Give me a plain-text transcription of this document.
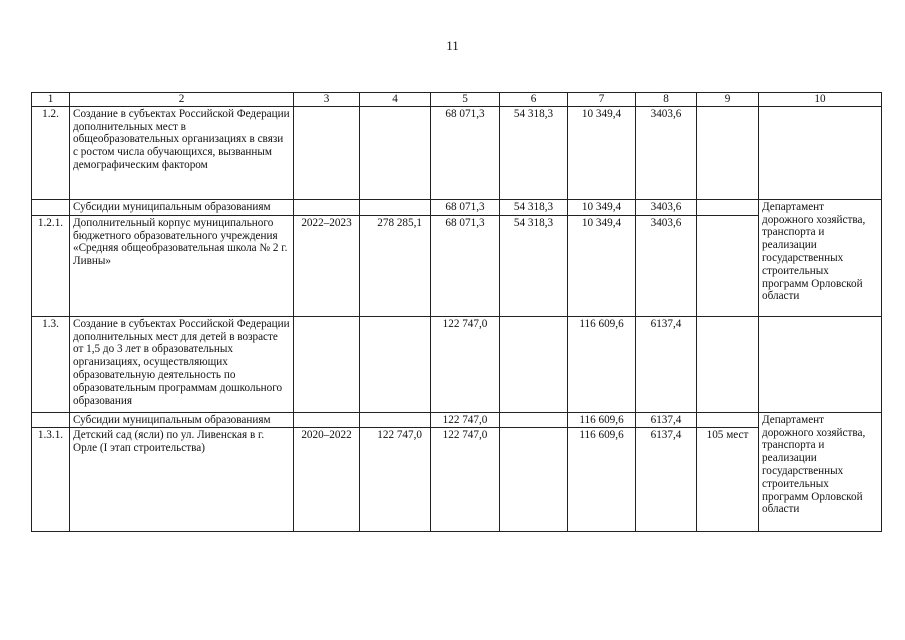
11
1	2	3	4	5	6	7	8	9	10
1.2.	Создание в субъектах Российской Федерации дополнительных мест в общеобразовательных организациях в связи с ростом числа обучающихся, вызванным демографическим фактором			68 071,3	54 318,3	10 349,4	3403,6		
	Субсидии муниципальным образованиям			68 071,3	54 318,3	10 349,4	3403,6		Департамент дорожного хозяйства, транспорта и реализации государственных строительных программ Орловской области
1.2.1.	Дополнительный корпус муниципального бюджетного образовательного учреждения «Средняя общеобразовательная школа № 2 г. Ливны»	2022–2023	278 285,1	68 071,3	54 318,3	10 349,4	3403,6		
1.3.	Создание в субъектах Российской Федерации дополнительных мест для детей в возрасте от 1,5 до 3 лет в образовательных организациях, осуществляющих образовательную деятельность по образовательным программам дошкольного образования			122 747,0		116 609,6	6137,4		
	Субсидии муниципальным образованиям			122 747,0		116 609,6	6137,4		Департамент дорожного хозяйства, транспорта и реализации государственных строительных программ Орловской области
1.3.1.	Детский сад (ясли) по ул. Ливенская в г. Орле (I этап строительства)	2020–2022	122 747,0	122 747,0		116 609,6	6137,4	105 мест	
